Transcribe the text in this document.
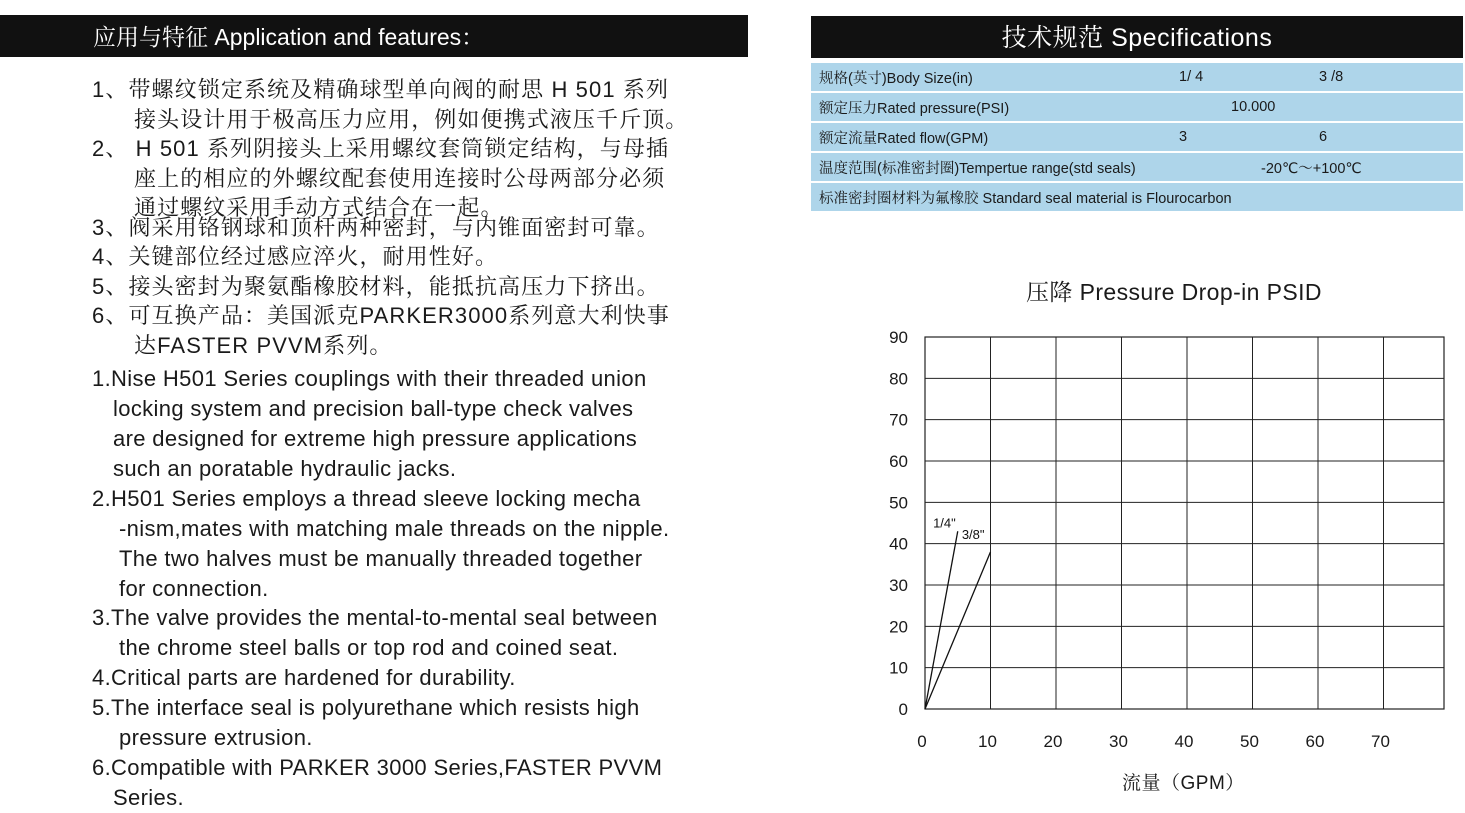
应用与特征 Application and features：
1、带螺纹锁定系统及精确球型单向阀的耐思 H 501 系列
接头设计用于极高压力应用，例如便携式液压千斤顶。
2、 H 501 系列阴接头上采用螺纹套筒锁定结构，与母插
座上的相应的外螺纹配套使用连接时公母两部分必须
通过螺纹采用手动方式结合在一起。
3、阀采用铬钢球和顶杆两种密封，与内锥面密封可靠。
4、关键部位经过感应淬火，耐用性好。
5、接头密封为聚氨酯橡胶材料，能抵抗高压力下挤出。
6、可互换产品：美国派克PARKER3000系列意大利快事
达FASTER PVVM系列。
1.Nise H501 Series couplings with their threaded union
locking system and precision ball-type check valves
are designed for extreme high pressure applications
such an poratable hydraulic jacks.
2.H501 Series employs a thread sleeve locking mecha
-nism,mates with matching male threads on the nipple.
The two halves must be manually threaded together
for connection.
3.The valve provides the mental-to-mental seal between
the chrome steel balls or top rod and coined seat.
4.Critical parts are hardened for durability.
5.The interface seal is polyurethane which resists high
pressure extrusion.
6.Compatible with PARKER 3000 Series,FASTER PVVM
Series.
技术规范 Specifications
规格(英寸)Body Size(in)	1/ 4	3 /8
额定压力Rated pressure(PSI)	10.000	
额定流量Rated flow(GPM)	3	6
温度范围(标准密封圈)Tempertue range(std seals)	-20℃～+100℃	
标准密封圈材料为氟橡胶 Standard seal material is Flourocarbon		
压降 Pressure Drop-in PSID
0
10
20
30
40
50
60
70
80
90
0	10	20	30	40	50	60	70
1/4"
3/8"
流量（GPM）
